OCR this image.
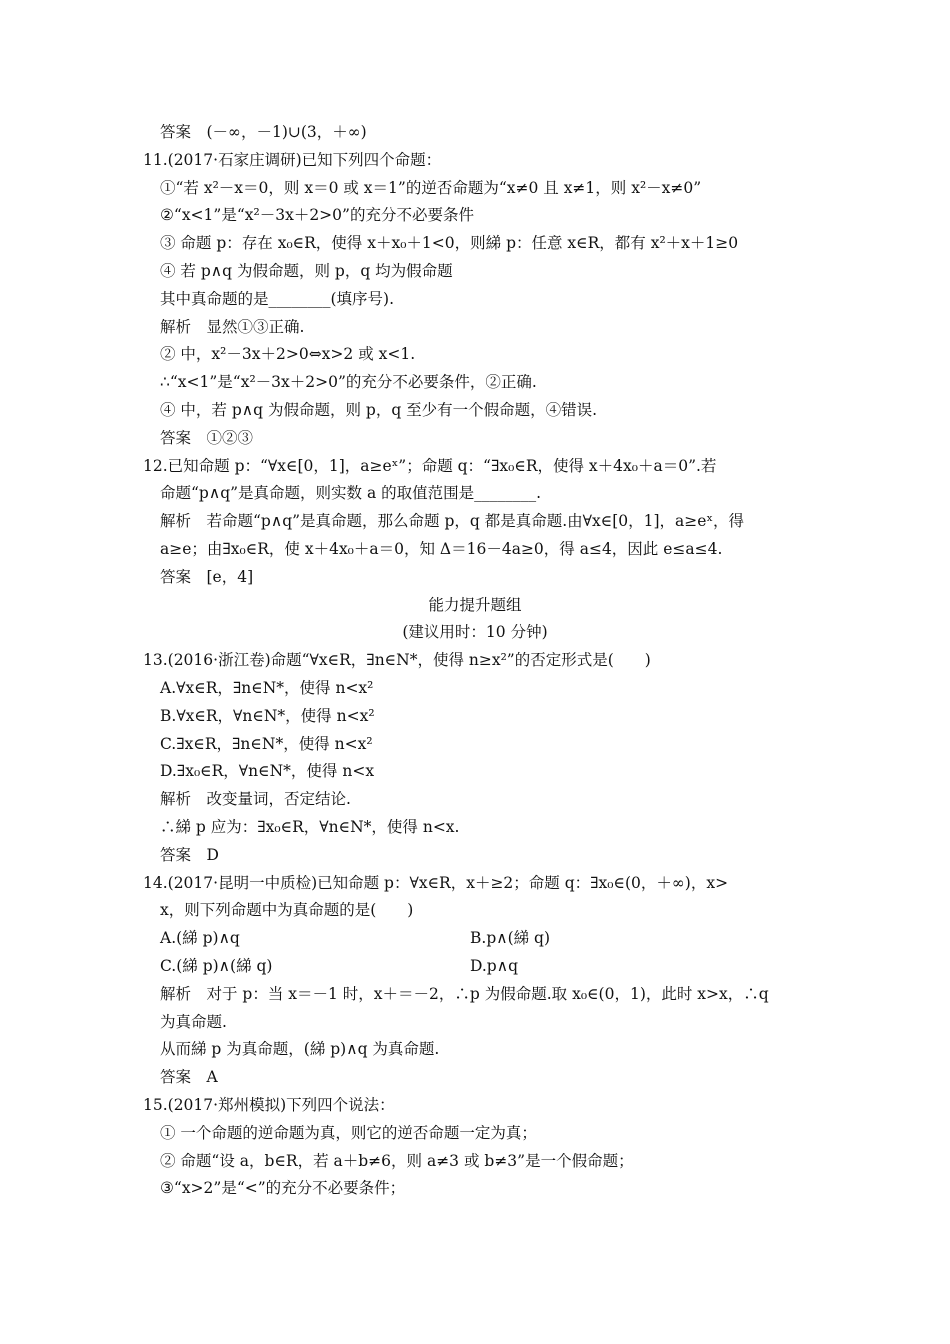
答案　(－∞，－1)∪(3，＋∞)
11.(2017·石家庄调研)已知下列四个命题：
①“若 x²－x＝0，则 x＝0 或 x＝1”的逆否命题为“x≠0 且 x≠1，则 x²－x≠0”
②“x<1”是“x²－3x＋2>0”的充分不必要条件
③ 命题 p：存在 x₀∈R，使得 x＋x₀＋1<0，则綈 p：任意 x∈R，都有 x²＋x＋1≥0
④ 若 p∧q 为假命题，则 p，q 均为假命题
其中真命题的是________(填序号).
解析　显然①③正确.
② 中，x²－3x＋2>0⇔x>2 或 x<1.
∴“x<1”是“x²－3x＋2>0”的充分不必要条件，②正确.
④ 中，若 p∧q 为假命题，则 p，q 至少有一个假命题，④错误.
答案　①②③
12.已知命题 p：“∀x∈[0，1]，a≥eˣ”；命题 q：“∃x₀∈R，使得 x＋4x₀＋a＝0”.若
命题“p∧q”是真命题，则实数 a 的取值范围是________.
解析　若命题“p∧q”是真命题，那么命题 p，q 都是真命题.由∀x∈[0，1]，a≥eˣ，得
a≥e；由∃x₀∈R，使 x＋4x₀＋a＝0，知 Δ＝16－4a≥0，得 a≤4，因此 e≤a≤4.
答案　[e，4]
能力提升题组
(建议用时：10 分钟)
13.(2016·浙江卷)命题“∀x∈R，∃n∈N*，使得 n≥x²”的否定形式是(　　)
A.∀x∈R，∃n∈N*，使得 n<x²
B.∀x∈R，∀n∈N*，使得 n<x²
C.∃x∈R，∃n∈N*，使得 n<x²
D.∃x₀∈R，∀n∈N*，使得 n<x
解析　改变量词，否定结论.
∴綈 p 应为：∃x₀∈R，∀n∈N*，使得 n<x.
答案　D
14.(2017·昆明一中质检)已知命题 p：∀x∈R，x＋≥2；命题 q：∃x₀∈(0，＋∞)，x>
x，则下列命题中为真命题的是(　　)
A.(綈 p)∧q	B.p∧(綈 q)
C.(綈 p)∧(綈 q)	D.p∧q
解析　对于 p：当 x＝－1 时，x＋＝－2，∴p 为假命题.取 x₀∈(0，1)，此时 x>x，∴q
为真命题.
从而綈 p 为真命题，(綈 p)∧q 为真命题.
答案　A
15.(2017·郑州模拟)下列四个说法：
① 一个命题的逆命题为真，则它的逆否命题一定为真；
② 命题“设 a，b∈R，若 a＋b≠6，则 a≠3 或 b≠3”是一个假命题；
③“x>2”是“<”的充分不必要条件；
